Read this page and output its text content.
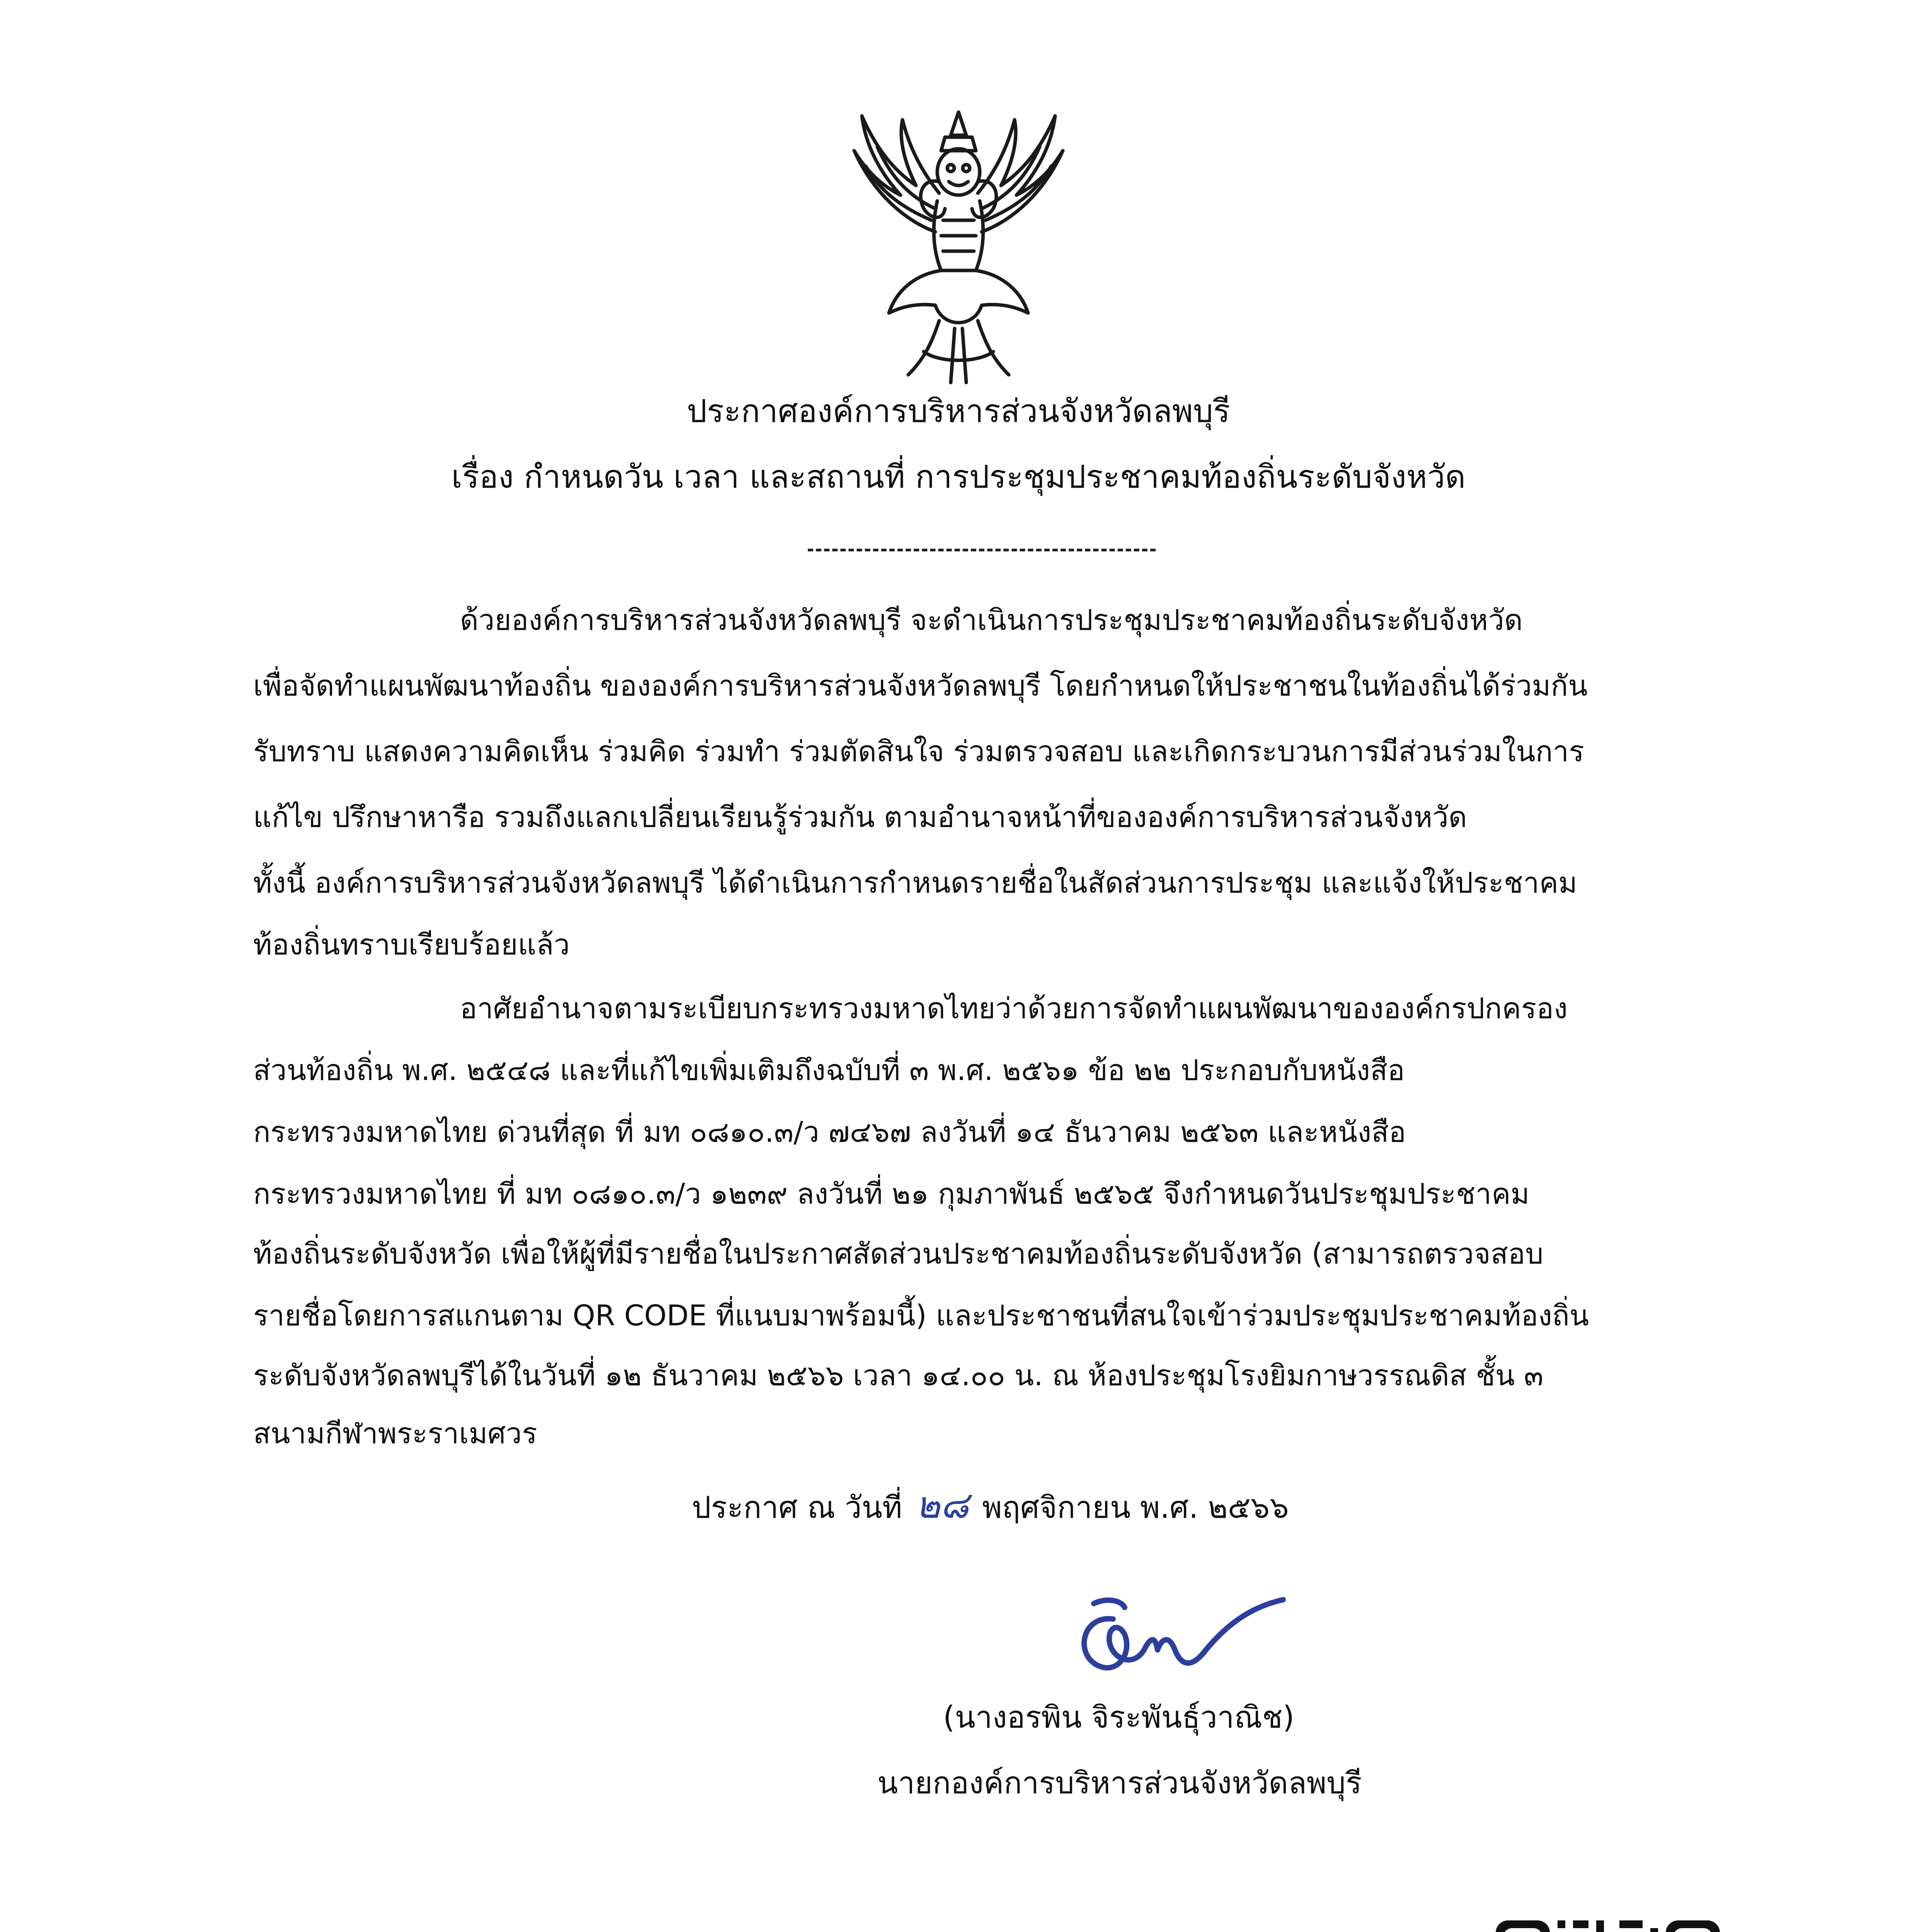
ประกาศองค์การบริหารส่วนจังหวัดลพบุรี
เรื่อง กำหนดวัน เวลา และสถานที่ การประชุมประชาคมท้องถิ่นระดับจังหวัด
ด้วยองค์การบริหารส่วนจังหวัดลพบุรี จะดำเนินการประชุมประชาคมท้องถิ่นระดับจังหวัด
เพื่อจัดทำแผนพัฒนาท้องถิ่น ขององค์การบริหารส่วนจังหวัดลพบุรี โดยกำหนดให้ประชาชนในท้องถิ่นได้ร่วมกัน
รับทราบ แสดงความคิดเห็น ร่วมคิด ร่วมทำ ร่วมตัดสินใจ ร่วมตรวจสอบ และเกิดกระบวนการมีส่วนร่วมในการ
แก้ไข ปรึกษาหารือ รวมถึงแลกเปลี่ยนเรียนรู้ร่วมกัน ตามอำนาจหน้าที่ขององค์การบริหารส่วนจังหวัด
ทั้งนี้ องค์การบริหารส่วนจังหวัดลพบุรี ได้ดำเนินการกำหนดรายชื่อในสัดส่วนการประชุม และแจ้งให้ประชาคม
ท้องถิ่นทราบเรียบร้อยแล้ว
อาศัยอำนาจตามระเบียบกระทรวงมหาดไทยว่าด้วยการจัดทำแผนพัฒนาขององค์กรปกครอง
ส่วนท้องถิ่น พ.ศ. ๒๕๔๘ และที่แก้ไขเพิ่มเติมถึงฉบับที่ ๓ พ.ศ. ๒๕๖๑ ข้อ ๒๒ ประกอบกับหนังสือ
กระทรวงมหาดไทย ด่วนที่สุด ที่ มท ๐๘๑๐.๓/ว ๗๔๖๗ ลงวันที่ ๑๔ ธันวาคม ๒๕๖๓ และหนังสือ
กระทรวงมหาดไทย ที่ มท ๐๘๑๐.๓/ว ๑๒๓๙ ลงวันที่ ๒๑ กุมภาพันธ์ ๒๕๖๕ จึงกำหนดวันประชุมประชาคม
ท้องถิ่นระดับจังหวัด เพื่อให้ผู้ที่มีรายชื่อในประกาศสัดส่วนประชาคมท้องถิ่นระดับจังหวัด (สามารถตรวจสอบ
รายชื่อโดยการสแกนตาม QR CODE ที่แนบมาพร้อมนี้) และประชาชนที่สนใจเข้าร่วมประชุมประชาคมท้องถิ่น
ระดับจังหวัดลพบุรีได้ในวันที่ ๑๒ ธันวาคม ๒๕๖๖ เวลา ๑๔.๐๐ น. ณ ห้องประชุมโรงยิมกาษวรรณดิส ชั้น ๓
สนามกีฬาพระราเมศวร
ประกาศ ณ วันที่ ๒๘ พฤศจิกายน พ.ศ. ๒๕๖๖
(นางอรพิน จิระพันธุ์วาณิช)
นายกองค์การบริหารส่วนจังหวัดลพบุรี
